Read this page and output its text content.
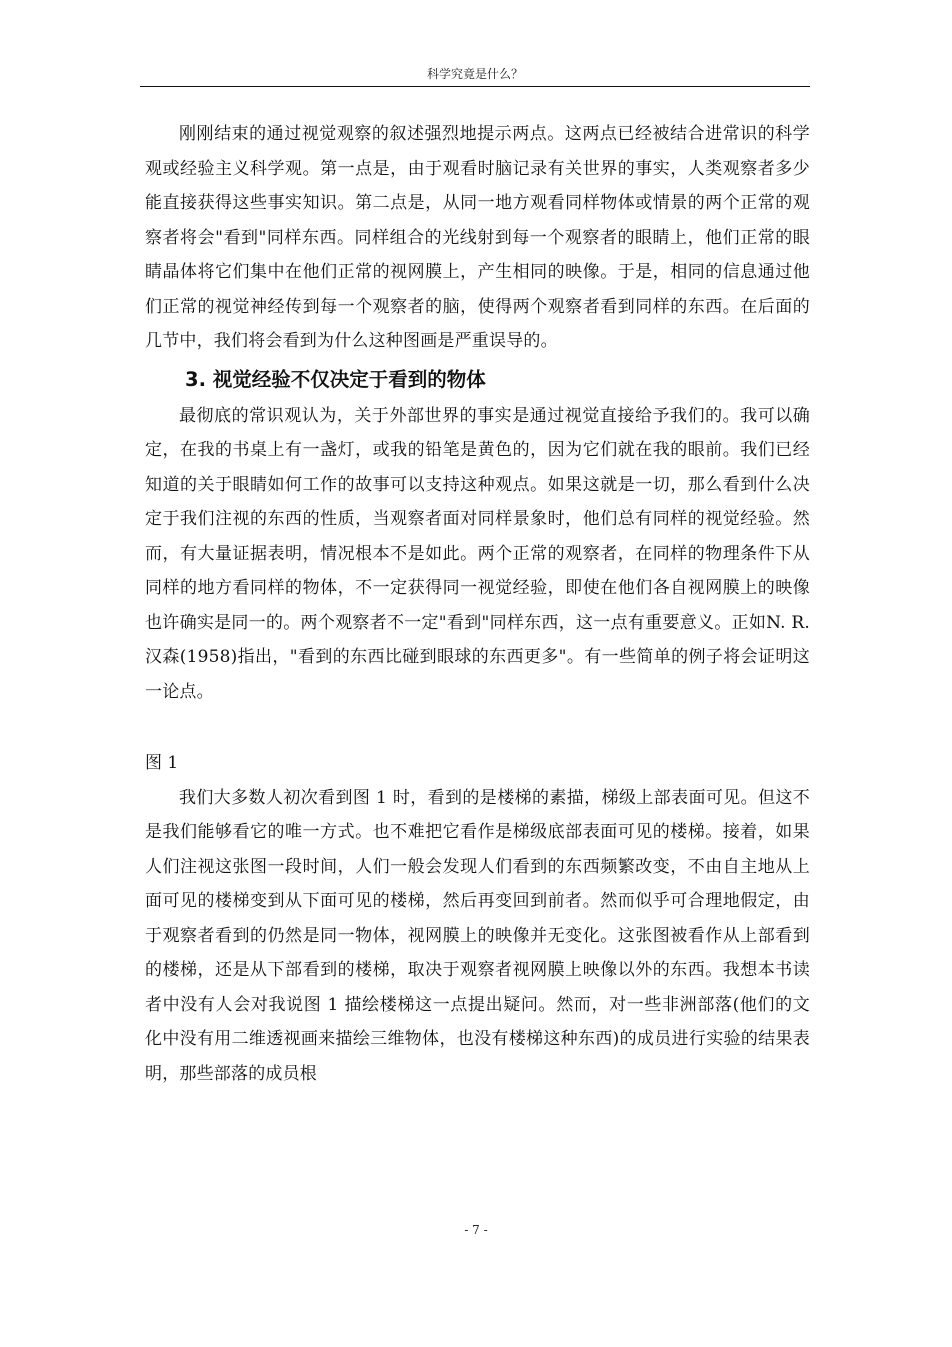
科学究竟是什么？

刚刚结束的通过视觉观察的叙述强烈地提示两点。这两点已经被结合进常识的科学观或经验主义科学观。第一点是，由于观看时脑记录有关世界的事实，人类观察者多少能直接获得这些事实知识。第二点是，从同一地方观看同样物体或情景的两个正常的观察者将会"看到"同样东西。同样组合的光线射到每一个观察者的眼睛上，他们正常的眼睛晶体将它们集中在他们正常的视网膜上，产生相同的映像。于是，相同的信息通过他们正常的视觉神经传到每一个观察者的脑，使得两个观察者看到同样的东西。在后面的几节中，我们将会看到为什么这种图画是严重误导的。

3. 视觉经验不仅决定于看到的物体

最彻底的常识观认为，关于外部世界的事实是通过视觉直接给予我们的。我可以确定，在我的书桌上有一盏灯，或我的铅笔是黄色的，因为它们就在我的眼前。我们已经知道的关于眼睛如何工作的故事可以支持这种观点。如果这就是一切，那么看到什么决定于我们注视的东西的性质，当观察者面对同样景象时，他们总有同样的视觉经验。然而，有大量证据表明，情况根本不是如此。两个正常的观察者，在同样的物理条件下从同样的地方看同样的物体，不一定获得同一视觉经验，即使在他们各自视网膜上的映像也许确实是同一的。两个观察者不一定"看到"同样东西，这一点有重要意义。正如N. R. 汉森(1958)指出，"看到的东西比碰到眼球的东西更多"。有一些简单的例子将会证明这一论点。

图 1

我们大多数人初次看到图 1 时，看到的是楼梯的素描，梯级上部表面可见。但这不是我们能够看它的唯一方式。也不难把它看作是梯级底部表面可见的楼梯。接着，如果人们注视这张图一段时间，人们一般会发现人们看到的东西频繁改变，不由自主地从上面可见的楼梯变到从下面可见的楼梯，然后再变回到前者。然而似乎可合理地假定，由于观察者看到的仍然是同一物体，视网膜上的映像并无变化。这张图被看作从上部看到的楼梯，还是从下部看到的楼梯，取决于观察者视网膜上映像以外的东西。我想本书读者中没有人会对我说图 1 描绘楼梯这一点提出疑问。然而，对一些非洲部落(他们的文化中没有用二维透视画来描绘三维物体，也没有楼梯这种东西)的成员进行实验的结果表明，那些部落的成员根

- 7 -
